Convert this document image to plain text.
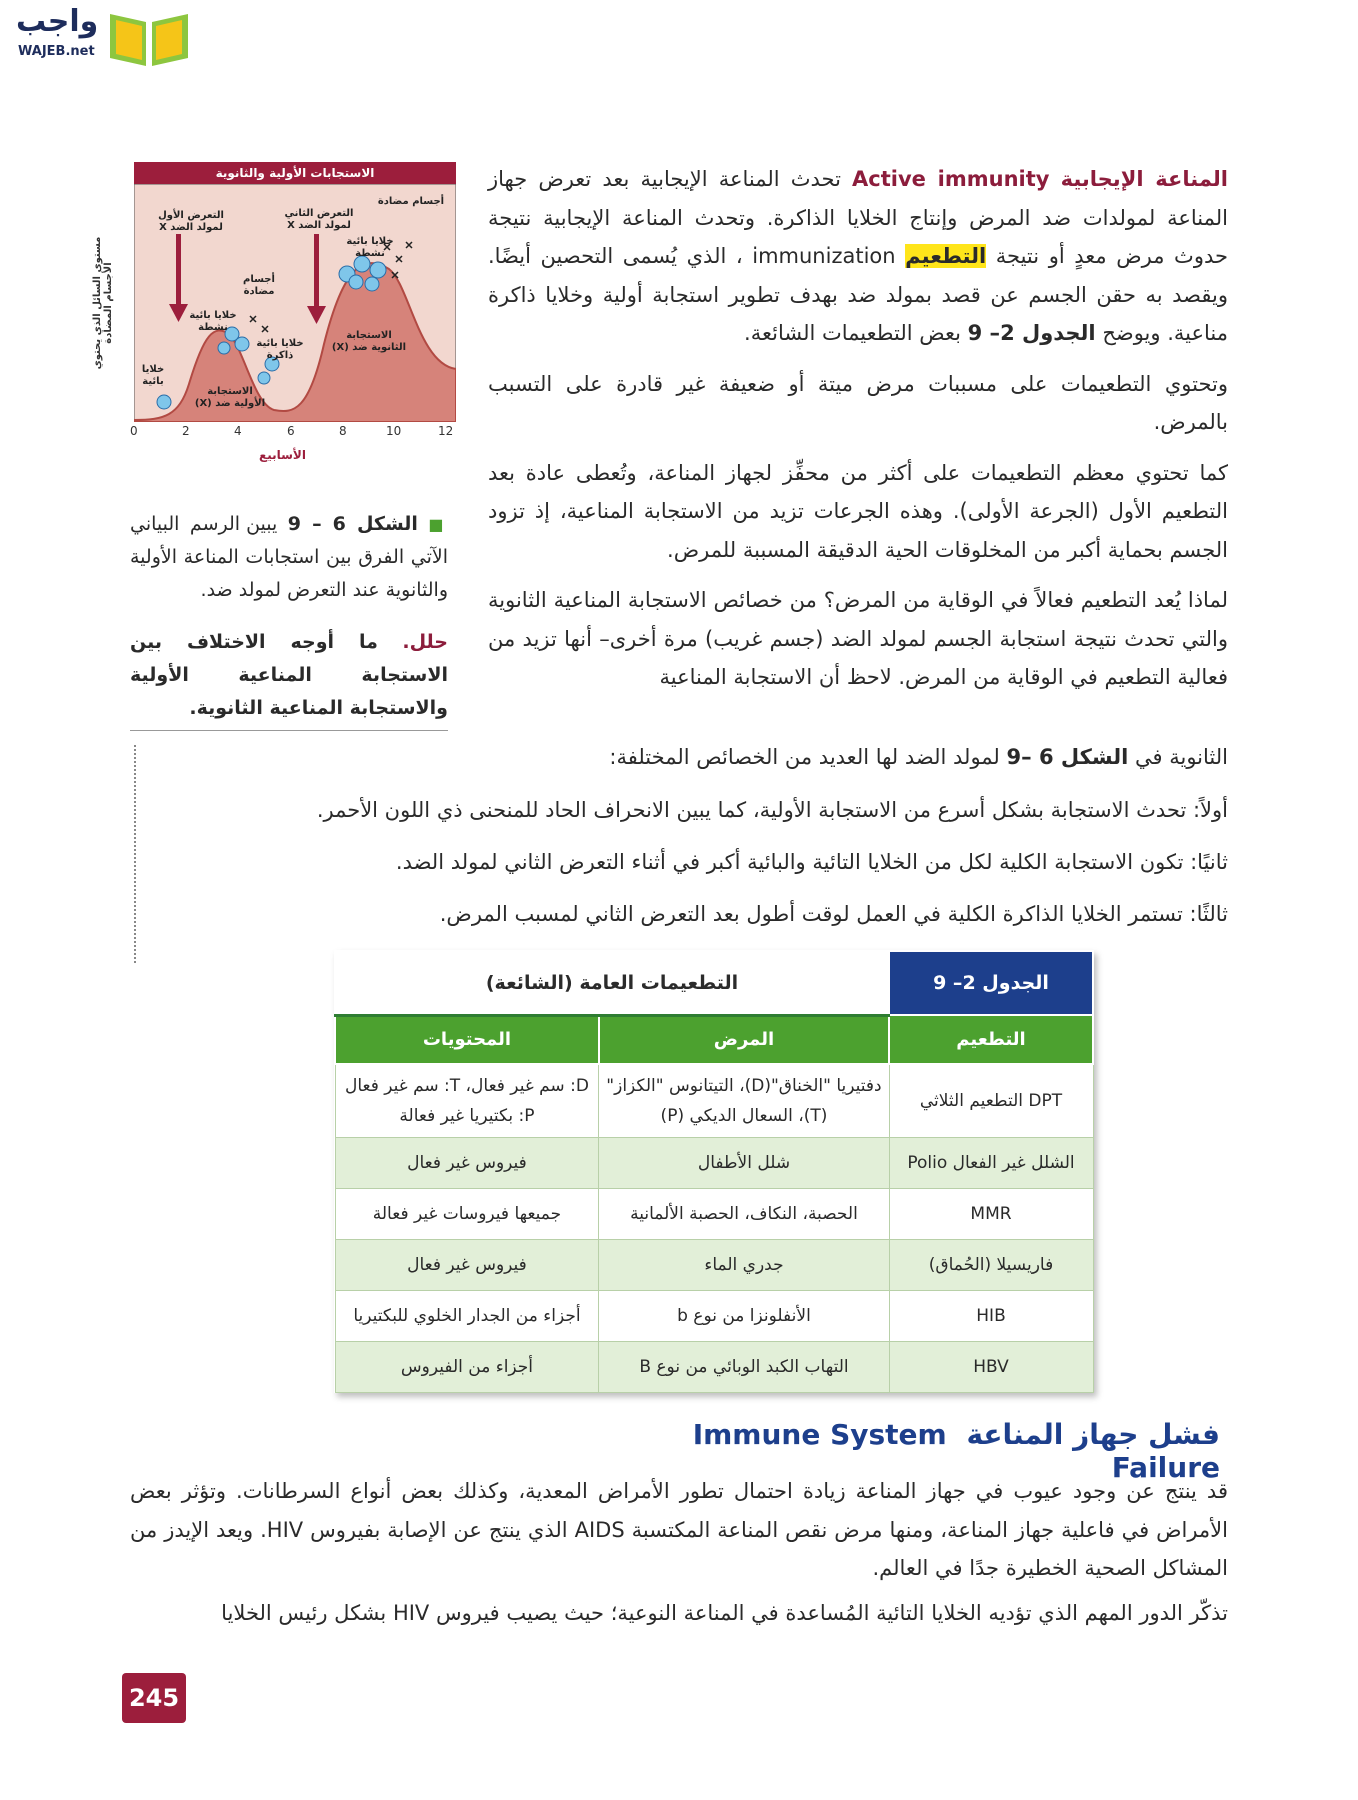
واجب
WAJEB.net

المناعة الإيجابية Active immunity تحدث المناعة الإيجابية بعد تعرض جهاز المناعة لمولدات ضد المرض وإنتاج الخلايا الذاكرة. وتحدث المناعة الإيجابية نتيجة حدوث مرض معدٍ أو نتيجة التطعيم immunization ، الذي يُسمى التحصين أيضًا. ويقصد به حقن الجسم عن قصد بمولد ضد بهدف تطوير استجابة أولية وخلايا ذاكرة مناعية. ويوضح الجدول 2– 9 بعض التطعيمات الشائعة.

وتحتوي التطعيمات على مسببات مرض ميتة أو ضعيفة غير قادرة على التسبب بالمرض.

كما تحتوي معظم التطعيمات على أكثر من محفِّز لجهاز المناعة، وتُعطى عادة بعد التطعيم الأول (الجرعة الأولى). وهذه الجرعات تزيد من الاستجابة المناعية، إذ تزود الجسم بحماية أكبر من المخلوقات الحية الدقيقة المسببة للمرض.

لماذا يُعد التطعيم فعالاً في الوقاية من المرض؟ من خصائص الاستجابة المناعية الثانوية والتي تحدث نتيجة استجابة الجسم لمولد الضد (جسم غريب) مرة أخرى– أنها تزيد من فعالية التطعيم في الوقاية من المرض. لاحظ أن الاستجابة المناعية

الثانوية في الشكل 6 –9 لمولد الضد لها العديد من الخصائص المختلفة:
أولاً: تحدث الاستجابة بشكل أسرع من الاستجابة الأولية، كما يبين الانحراف الحاد للمنحنى ذي اللون الأحمر.
ثانيًا: تكون الاستجابة الكلية لكل من الخلايا التائية والبائية أكبر في أثناء التعرض الثاني لمولد الضد.
ثالثًا: تستمر الخلايا الذاكرة الكلية في العمل لوقت أطول بعد التعرض الثاني لمسبب المرض.
الاستجابات الأولية والثانوية
مستوى السائل الذي يحتوي الأجسام المضادة
الأسابيع
0	2	4	6	8	10	12
التعرض الأول لمولد الضد X
التعرض الثاني لمولد الضد X
أجسام مضادة
خلايا بائية نشطة
أجسام مضادة
خلايا بائية نشطة
خلايا بائية ذاكرة
خلايا بائية
الاستجابة الأولية ضد (X)
الاستجابة الثانوية ضد (X)
■ الشكل 6 – 9 يبين الرسم البياني الآتي الفرق بين استجابات المناعة الأولية والثانوية عند التعرض لمولد ضد.
حلل. ما أوجه الاختلاف بين الاستجابة المناعية الأولية والاستجابة المناعية الثانوية.
الجدول 2– 9	التطعيمات العامة (الشائعة)	
التطعيم	المرض	المحتويات
DPT التطعيم الثلاثي	دفتيريا "الخناق"(D)، التيتانوس "الكزاز"(T)، السعال الديكي (P)	D: سم غير فعال، T: سم غير فعال P: بكتيريا غير فعالة
الشلل غير الفعال Polio	شلل الأطفال	فيروس غير فعال
MMR	الحصبة، النكاف، الحصبة الألمانية	جميعها فيروسات غير فعالة
فاريسيلا (الحُماق)	جدري الماء	فيروس غير فعال
HIB	الأنفلونزا من نوع b	أجزاء من الجدار الخلوي للبكتيريا
HBV	التهاب الكبد الوبائي من نوع B	أجزاء من الفيروس
فشل جهاز المناعة Immune System Failure

قد ينتج عن وجود عيوب في جهاز المناعة زيادة احتمال تطور الأمراض المعدية، وكذلك بعض أنواع السرطانات. وتؤثر بعض الأمراض في فاعلية جهاز المناعة، ومنها مرض نقص المناعة المكتسبة AIDS الذي ينتج عن الإصابة بفيروس HIV. ويعد الإيدز من المشاكل الصحية الخطيرة جدًا في العالم.

تذكّر الدور المهم الذي تؤديه الخلايا التائية المُساعدة في المناعة النوعية؛ حيث يصيب فيروس HIV بشكل رئيس الخلايا

245
